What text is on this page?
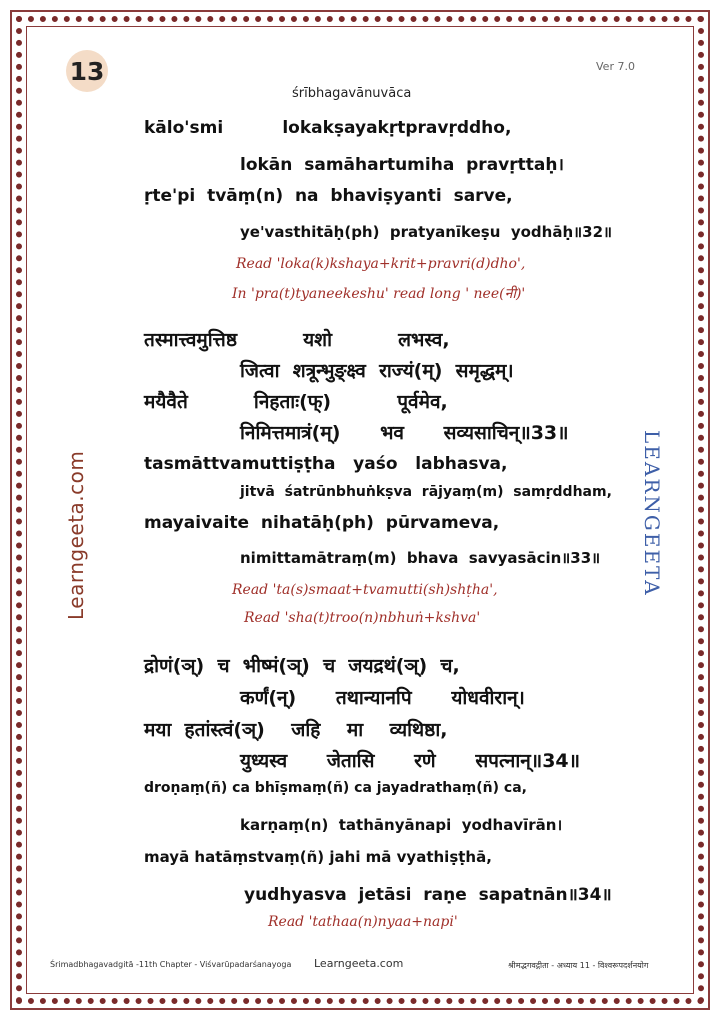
13	Ver 7.0
Learngeeta.com	LEARNGEETA
śrībhagavānuvāca
kālo'smi          lokakṣayakṛtpravṛddho,
lokān  samāhartumiha  pravṛttaḥ।
ṛte'pi  tvāṃ(n)  na  bhaviṣyanti  sarve,
ye'vasthitāḥ(ph)  pratyanīkeṣu  yodhāḥ॥32॥
Read 'loka(k)kshaya+krit+pravri(d)dho',
In 'pra(t)tyaneekeshu' read long ' nee(नी)'
तस्मात्त्वमुत्तिष्ठ          यशो          लभस्व,
जित्वा  शत्रून्भुङ्क्ष्व  राज्यं(म्)  समृद्धम्।
मयैवैते          निहताः(फ्)          पूर्वमेव,
निमित्तमात्रं(म्)      भव      सव्यसाचिन्॥33॥
tasmāttvamuttiṣṭha   yaśo   labhasva,
jitvā  śatrūnbhuṅkṣva  rājyaṃ(m)  samṛddham,
mayaivaite  nihatāḥ(ph)  pūrvameva,
nimittamātraṃ(m)  bhava  savyasācin॥33॥
Read 'ta(s)smaat+tvamutti(sh)shṭha',
Read 'sha(t)troo(n)nbhuṅ+kshva'
द्रोणं(ञ्)  च  भीष्मं(ञ्)  च  जयद्रथं(ञ्)  च,
कर्णं(न्)      तथान्यानपि      योधवीरान्।
मया  हतांस्त्वं(ञ्)    जहि    मा    व्यथिष्ठा,
युध्यस्व      जेतासि      रणे      सपत्नान्॥34॥
droṇaṃ(ñ) ca bhīṣmaṃ(ñ) ca jayadrathaṃ(ñ) ca,
karṇaṃ(n)  tathānyānapi  yodhavīrān।
mayā hatāṃstvaṃ(ñ) jahi mā vyathiṣṭhā,
yudhyasva  jetāsi  raṇe  sapatnān॥34॥
Read 'tathaa(n)nyaa+napi'
Śrimadbhagavadgitā -11th Chapter - Viśvarūpadarśanayoga Learngeeta.com	श्रीमद्भगवद्गीता - अध्याय 11 - विश्वरूपदर्शनयोग
